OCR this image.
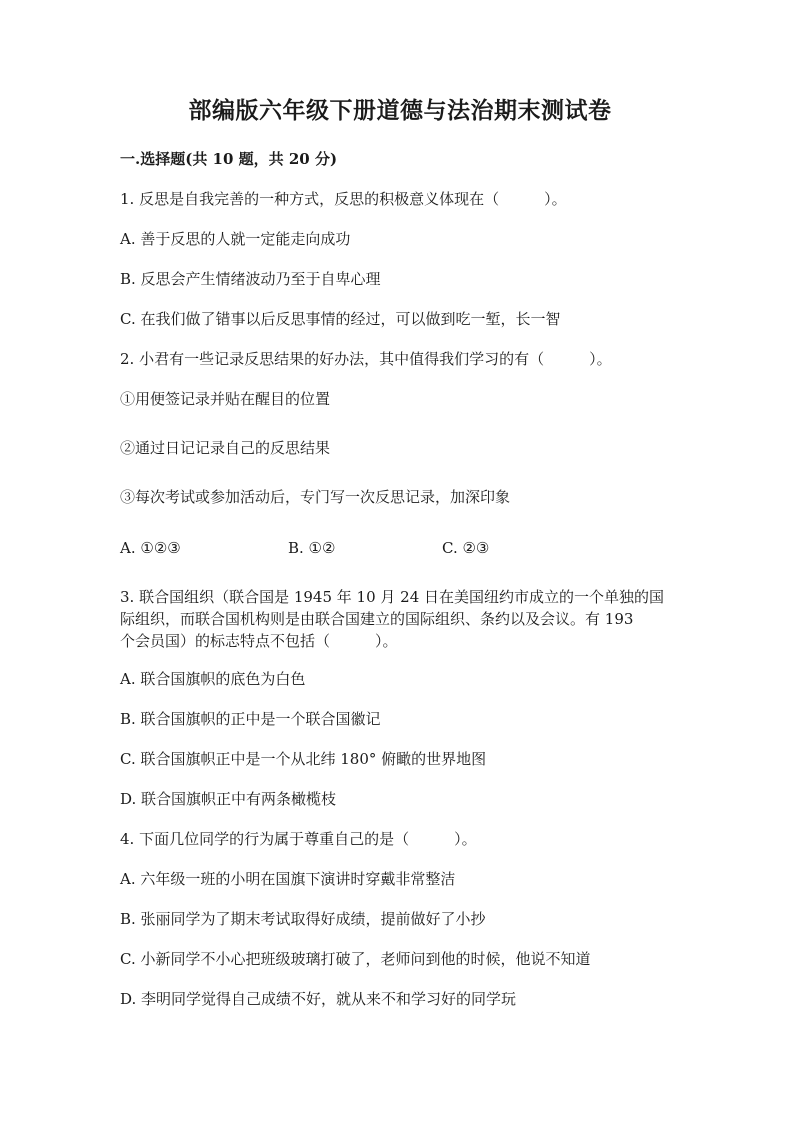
部编版六年级下册道德与法治期末测试卷
一.选择题(共 10 题，共 20 分)
1. 反思是自我完善的一种方式，反思的积极意义体现在（　　　）。
A. 善于反思的人就一定能走向成功
B. 反思会产生情绪波动乃至于自卑心理
C. 在我们做了错事以后反思事情的经过，可以做到吃一堑，长一智
2. 小君有一些记录反思结果的好办法，其中值得我们学习的有（　　　）。
①用便签记录并贴在醒目的位置
②通过日记记录自己的反思结果
③每次考试或参加活动后，专门写一次反思记录，加深印象
A. ①②③	B. ①②	C. ②③
3. 联合国组织（联合国是 1945 年 10 月 24 日在美国纽约市成立的一个单独的国
际组织，而联合国机构则是由联合国建立的国际组织、条约以及会议。有 193
个会员国）的标志特点不包括（　　　）。
A. 联合国旗帜的底色为白色
B. 联合国旗帜的正中是一个联合国徽记
C. 联合国旗帜正中是一个从北纬 180° 俯瞰的世界地图
D. 联合国旗帜正中有两条橄榄枝
4. 下面几位同学的行为属于尊重自己的是（　　　）。
A. 六年级一班的小明在国旗下演讲时穿戴非常整洁
B. 张丽同学为了期末考试取得好成绩，提前做好了小抄
C. 小新同学不小心把班级玻璃打破了，老师问到他的时候，他说不知道
D. 李明同学觉得自己成绩不好，就从来不和学习好的同学玩
